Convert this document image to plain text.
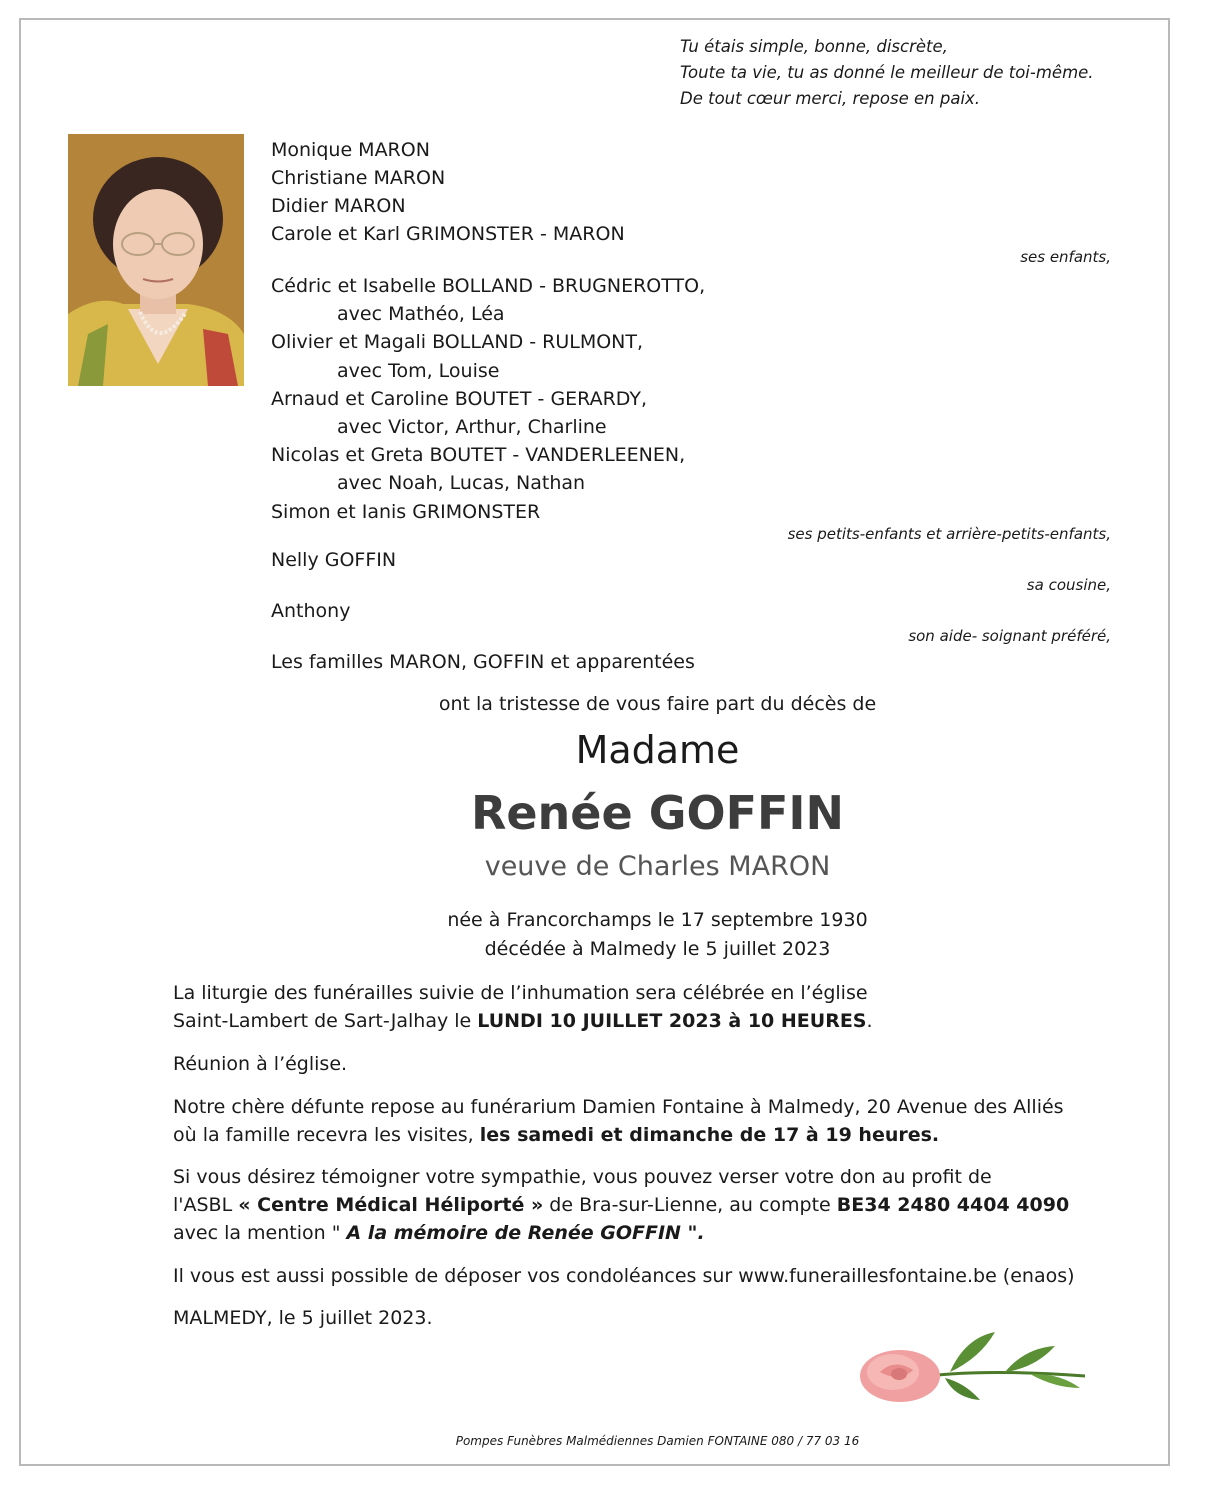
Tu étais simple, bonne, discrète,
Toute ta vie, tu as donné le meilleur de toi-même.
De tout cœur merci, repose en paix.
Monique MARON
Christiane MARON
Didier MARON
Carole et Karl GRIMONSTER - MARON
ses enfants,
Cédric et Isabelle BOLLAND - BRUGNEROTTO,
avec Mathéo, Léa
Olivier et Magali BOLLAND - RULMONT,
avec Tom, Louise
Arnaud et Caroline BOUTET - GERARDY,
avec Victor, Arthur, Charline
Nicolas et Greta BOUTET - VANDERLEENEN,
avec Noah, Lucas, Nathan
Simon et Ianis GRIMONSTER
ses petits-enfants et arrière-petits-enfants,
Nelly GOFFIN
sa cousine,
Anthony
son aide- soignant préféré,
Les familles MARON, GOFFIN et apparentées
ont la tristesse de vous faire part du décès de
Madame
Renée GOFFIN
veuve de Charles MARON
née à Francorchamps le 17 septembre 1930
décédée à Malmedy le 5 juillet 2023
La liturgie des funérailles suivie de l’inhumation sera célébrée en l’église
Saint-Lambert de Sart-Jalhay le LUNDI 10 JUILLET 2023 à 10 HEURES.
Réunion à l’église.
Notre chère défunte repose au funérarium Damien Fontaine à Malmedy, 20 Avenue des Alliés
où la famille recevra les visites, les samedi et dimanche de 17 à 19 heures.
Si vous désirez témoigner votre sympathie, vous pouvez verser votre don au profit de
l'ASBL « Centre Médical Héliporté » de Bra-sur-Lienne, au compte BE34 2480 4404 4090
avec la mention " A la mémoire de Renée GOFFIN ".
Il vous est aussi possible de déposer vos condoléances sur www.funeraillesfontaine.be (enaos)
MALMEDY, le 5 juillet 2023.
Pompes Funèbres Malmédiennes Damien FONTAINE 080 / 77 03 16
